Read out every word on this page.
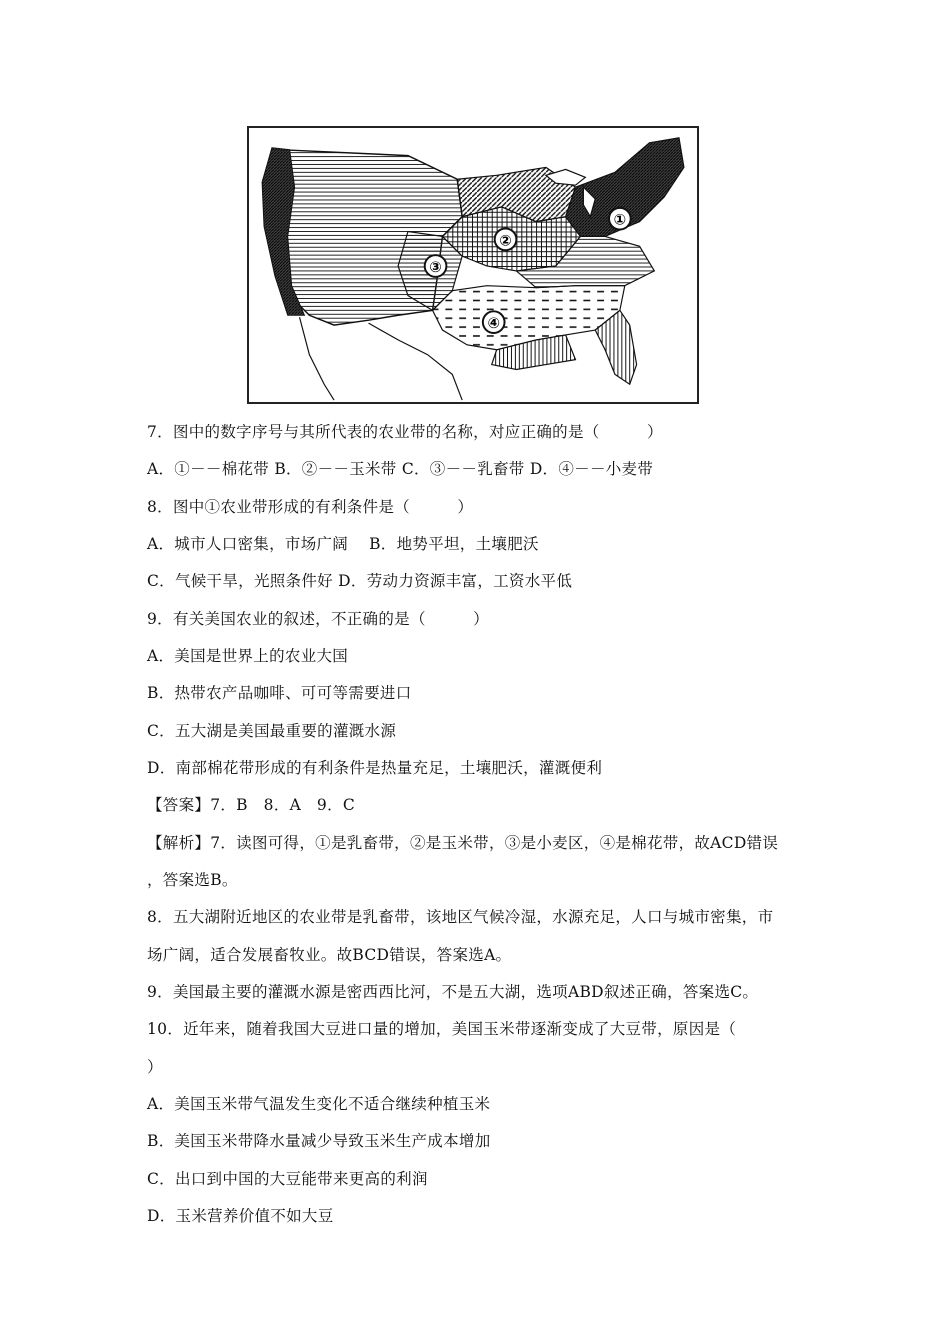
①
②
③
④
7．图中的数字序号与其所代表的农业带的名称，对应正确的是（　　　）
A．①－－棉花带 B．②－－玉米带 C．③－－乳畜带 D．④－－小麦带
8．图中①农业带形成的有利条件是（　　　）
A．城市人口密集，市场广阔　 B．地势平坦，土壤肥沃
C．气候干旱，光照条件好 D．劳动力资源丰富，工资水平低
9．有关美国农业的叙述，不正确的是（　　　）
A．美国是世界上的农业大国
B．热带农产品咖啡、可可等需要进口
C．五大湖是美国最重要的灌溉水源
D．南部棉花带形成的有利条件是热量充足，土壤肥沃，灌溉便利
【答案】7．B　8．A　9．C
【解析】7．读图可得，①是乳畜带，②是玉米带，③是小麦区，④是棉花带，故ACD错误
，答案选B。
8．五大湖附近地区的农业带是乳畜带，该地区气候冷湿，水源充足，人口与城市密集，市
场广阔，适合发展畜牧业。故BCD错误，答案选A。
9．美国最主要的灌溉水源是密西西比河，不是五大湖，选项ABD叙述正确，答案选C。
10．近年来，随着我国大豆进口量的增加，美国玉米带逐渐变成了大豆带，原因是（
）
A．美国玉米带气温发生变化不适合继续种植玉米
B．美国玉米带降水量减少导致玉米生产成本增加
C．出口到中国的大豆能带来更高的利润
D．玉米营养价值不如大豆
